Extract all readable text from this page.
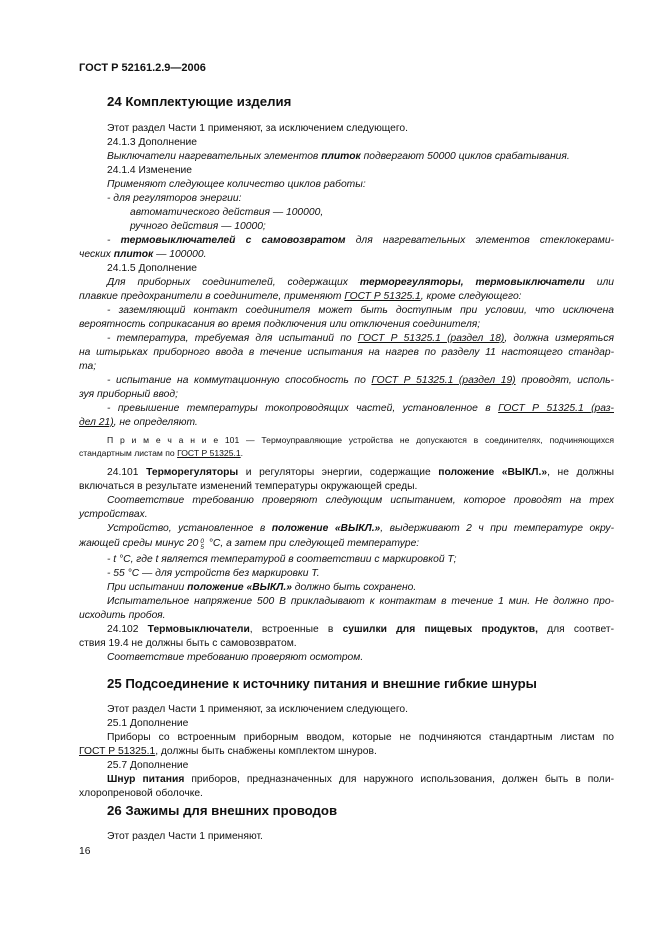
ГОСТ Р 52161.2.9—2006
24 Комплектующие изделия
Этот раздел Части 1 применяют, за исключением следующего.
24.1.3 Дополнение
Выключатели нагревательных элементов плиток подвергают 50000 циклов срабатывания.
24.1.4 Изменение
Применяют следующее количество циклов работы:
- для регуляторов энергии:
автоматического действия — 100000,
ручного действия — 10000;
- термовыключателей с самовозвратом для нагревательных элементов стеклокерами-
ческих плиток — 100000.
24.1.5 Дополнение
Для приборных соединителей, содержащих терморегуляторы, термовыключатели или
плавкие предохранители в соединителе, применяют ГОСТ Р 51325.1, кроме следующего:
- заземляющий контакт соединителя может быть доступным при условии, что исключена
вероятность соприкасания во время подключения или отключения соединителя;
- температура, требуемая для испытаний по ГОСТ Р 51325.1 (раздел 18), должна измеряться
на штырьках приборного ввода в течение испытания на нагрев по разделу 11 настоящего стандар-
та;
- испытание на коммутационную способность по ГОСТ Р 51325.1 (раздел 19) проводят, исполь-
зуя приборный ввод;
- превышение температуры токопроводящих частей, установленное в ГОСТ Р 51325.1 (раз-
дел 21), не определяют.
П р и м е ч а н и е 101 — Термоуправляющие устройства не допускаются в соединителях, подчиняющихся
стандартным листам по ГОСТ Р 51325.1.
24.101 Терморегуляторы и регуляторы энергии, содержащие положение «ВЫКЛ.», не должны
включаться в результате изменений температуры окружающей среды.
Соответствие требованию проверяют следующим испытанием, которое проводят на трех
устройствах.
Устройство, установленное в положение «ВЫКЛ.», выдерживают 2 ч при температуре окру-
жающей среды минус 20 0
5 °С, а затем при следующей температуре:
- t °С, где t является температурой в соответствии с маркировкой Т;
- 55 °С — для устройств без маркировки Т.
При испытании положение «ВЫКЛ.» должно быть сохранено.
Испытательное напряжение 500 В прикладывают к контактам в течение 1 мин. Не должно про-
исходить пробоя.
24.102 Термовыключатели, встроенные в сушилки для пищевых продуктов, для соответ-
ствия 19.4 не должны быть с самовозвратом.
Соответствие требованию проверяют осмотром.
25 Подсоединение к источнику питания и внешние гибкие шнуры
Этот раздел Части 1 применяют, за исключением следующего.
25.1 Дополнение
Приборы со встроенным приборным вводом, которые не подчиняются стандартным листам по
ГОСТ Р 51325.1, должны быть снабжены комплектом шнуров.
25.7 Дополнение
Шнур питания приборов, предназначенных для наружного использования, должен быть в поли-
хлоропреновой оболочке.
26 Зажимы для внешних проводов
Этот раздел Части 1 применяют.
16
